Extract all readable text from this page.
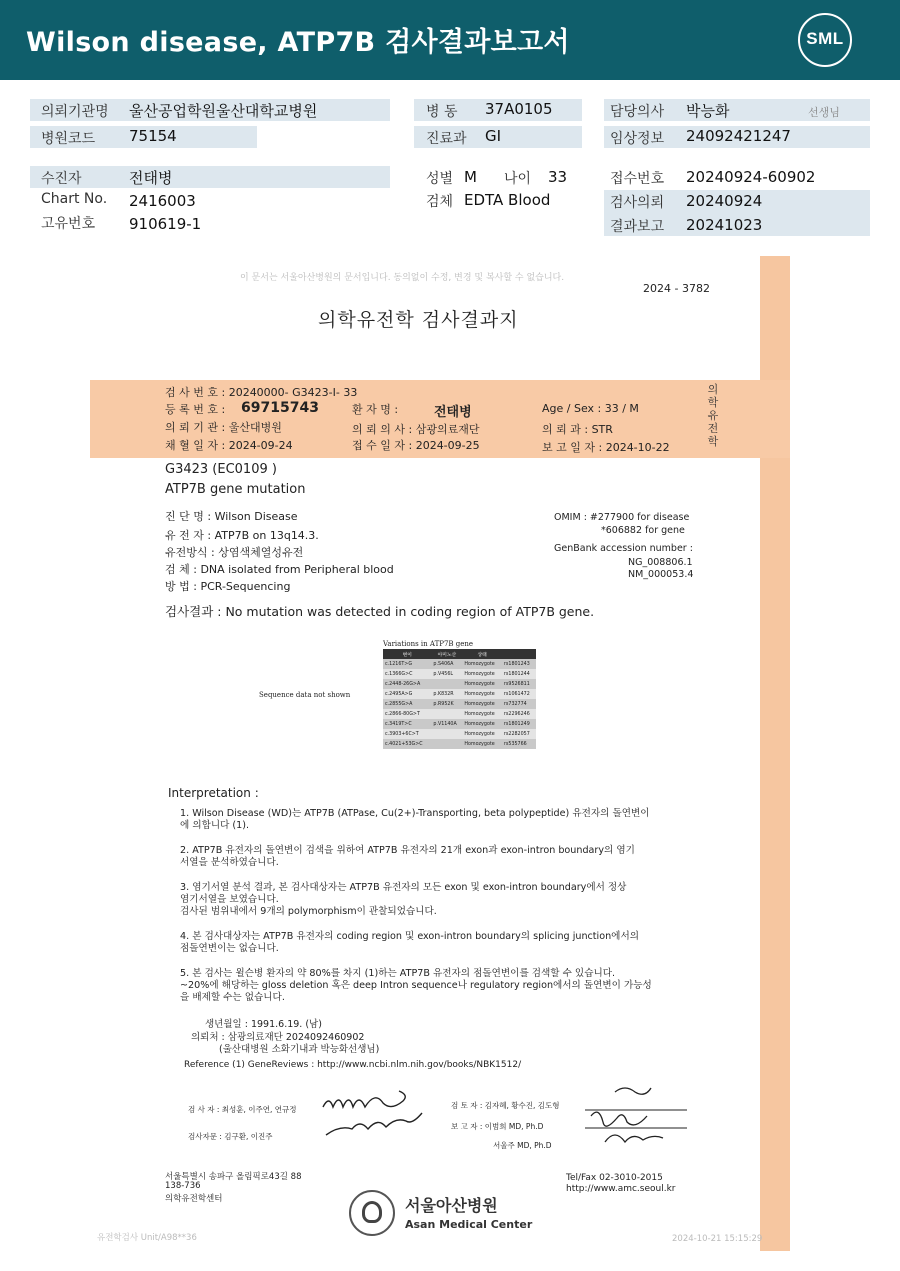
Wilson disease, ATP7B 검사결과보고서	SML
의뢰기관명 울산공업학원울산대학교병원	병 동 37A0105	담당의사 박능화	선생님
병원코드 75154	진료과 GI	임상정보 24092421247
수진자	전태병	성별 M 나이 33	접수번호 20240924-60902
Chart No. 2416003	검체 EDTA Blood	검사의뢰 20240924
고유번호 910619-1	결과보고 20241023
이 문서는 서울아산병원의 문서입니다. 동의없이 수정, 변경 및 복사할 수 없습니다.
2024 - 3782
의학유전학 검사결과지
검 사 번 호 : 20240000- G3423-I- 33
등 록 번 호 : 69715743	환 자 명 :	전태병	Age / Sex : 33 / M
의 뢰 기 관 : 울산대병원	의 뢰 의 사 : 삼광의료재단	의 뢰 과 : STR
채 혈 일 자 : 2024-09-24	접 수 일 자 : 2024-09-25	보 고 일 자 : 2024-10-22
의학유전학
G3423 (EC0109 )
ATP7B gene mutation
진 단 명 : Wilson Disease
유 전 자 : ATP7B on 13q14.3.
유전방식 : 상염색체열성유전
검 체 : DNA isolated from Peripheral blood
방 법 : PCR-Sequencing
OMIM : #277900 for disease
*606882 for gene
GenBank accession number :
NG_008806.1
NM_000053.4
검사결과 : No mutation was detected in coding region of ATP7B gene.
Sequence data not shown
Variations in ATP7B gene
변이	아미노산	상태	
c.1216T>G	p.S406A	Homozygote	rs1801243
c.1366G>C	p.V456L	Homozygote	rs1801244
c.2448-26G>A		Homozygote	rs9526811
c.2495A>G	p.K832R	Homozygote	rs1061472
c.2855G>A	p.R952K	Homozygote	rs732774
c.2866-80G>T		Homozygote	rs2296246
c.3419T>C	p.V1140A	Homozygote	rs1801249
c.3903+6C>T		Homozygote	rs2282057
c.4021+53G>C		Homozygote	rs535766
Interpretation :

1. Wilson Disease (WD)는 ATP7B (ATPase, Cu(2+)-Transporting, beta polypeptide) 유전자의 돌연변이

에 의합니다 (1).

2. ATP7B 유전자의 돌연변이 검색을 위하여 ATP7B 유전자의 21개 exon과 exon-intron boundary의 염기

서열을 분석하였습니다.

3. 염기서열 분석 결과, 본 검사대상자는 ATP7B 유전자의 모든 exon 및 exon-intron boundary에서 정상

염기서열을 보였습니다.

검사된 범위내에서 9개의 polymorphism이 관찰되었습니다.

4. 본 검사대상자는 ATP7B 유전자의 coding region 및 exon-intron boundary의 splicing junction에서의

점돌연변이는 없습니다.

5. 본 검사는 윌슨병 환자의 약 80%를 차지 (1)하는 ATP7B 유전자의 점돌연변이를 검색할 수 있습니다.

~20%에 해당하는 gloss deletion 혹은 deep Intron sequence나 regulatory region에서의 돌연변이 가능성

을 배제할 수는 없습니다.

생년월일 : 1991.6.19. (남)
의뢰처 : 삼광의료재단 2024092460902
(울산대병원 소화기내과 박능화선생님)
Reference (1) GeneReviews : http://www.ncbi.nlm.nih.gov/books/NBK1512/
검 사 자 : 최성훈, 이주연, 연규정
검사자문 : 김구환, 이진주
검 토 자 : 김자혜, 황수진, 김도형
보 고 자 : 이범희 MD, Ph.D
서울주 MD, Ph.D
서울특별시 송파구 올림픽로43길 88
138-736
의학유전학센터
Tel/Fax 02-3010-2015
http://www.amc.seoul.kr
서울아산병원
Asan Medical Center
유전학검사 Unit/A98**36	2024-10-21 15:15:29
